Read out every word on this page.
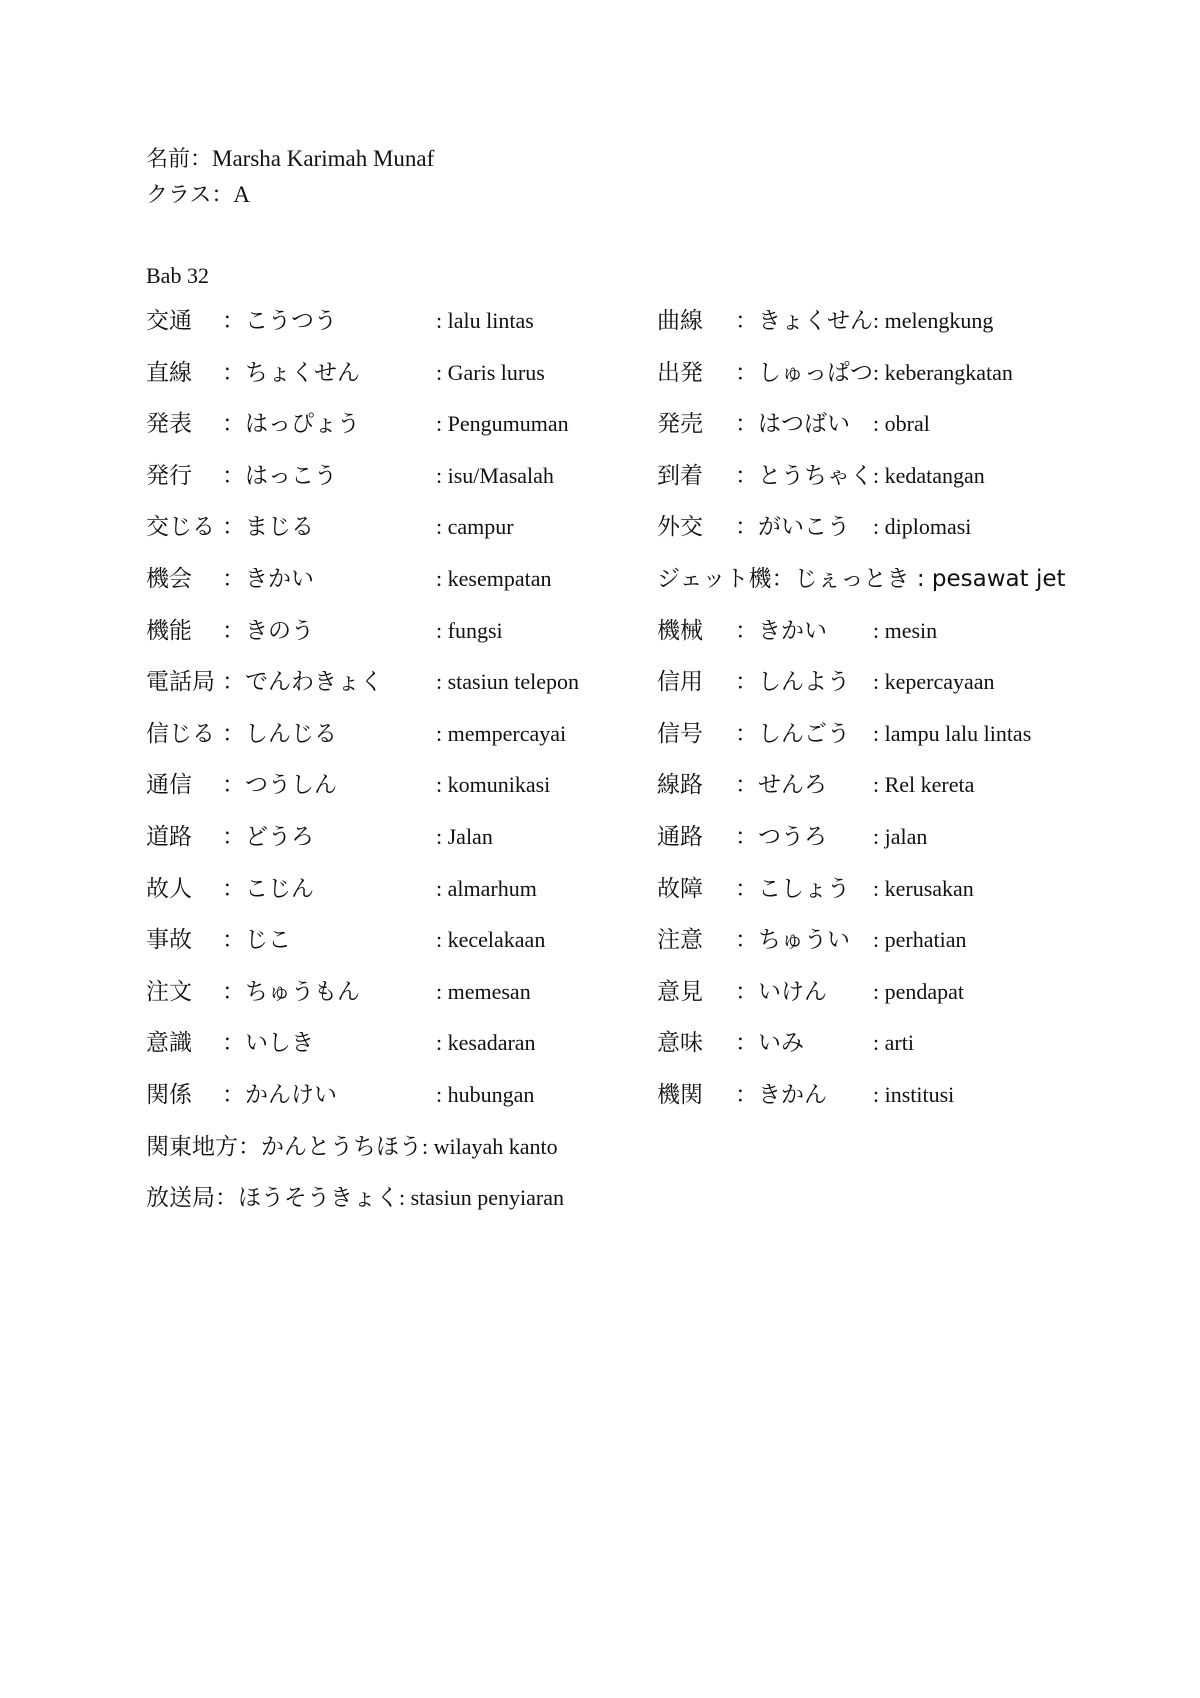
名前：Marsha Karimah Munaf
クラス：A
Bab 32
交通 ：こうつう	: lalu lintas	曲線 ：きょくせん : melengkung
直線 ：ちょくせん	: Garis lurus	出発 ：しゅっぱつ : keberangkatan
発表 ：はっぴょう	: Pengumuman	発売 ：はつばい : obral
発行 ：はっこう	: isu/Masalah	到着 ：とうちゃく : kedatangan
交じる ：まじる	: campur	外交 ：がいこう : diplomasi
機会 ：きかい	: kesempatan	ジェット機：じぇっとき : pesawat jet
機能 ：きのう	: fungsi	機械 ：きかい : mesin
電話局 ：でんわきょく : stasiun telepon	信用 ：しんよう : kepercayaan
信じる ：しんじる	: mempercayai	信号 ：しんごう : lampu lalu lintas
通信 ：つうしん	: komunikasi	線路 ：せんろ : Rel kereta
道路 ：どうろ	: Jalan	通路 ：つうろ : jalan
故人 ：こじん	: almarhum	故障 ：こしょう : kerusakan
事故 ：じこ	: kecelakaan	注意 ：ちゅうい : perhatian
注文 ：ちゅうもん	: memesan	意見 ：いけん : pendapat
意識 ：いしき	: kesadaran	意味 ：いみ	: arti
関係 ：かんけい	: hubungan	機関 ：きかん : institusi
関東地方：かんとうちほう: wilayah kanto
放送局：ほうそうきょく: stasiun penyiaran
